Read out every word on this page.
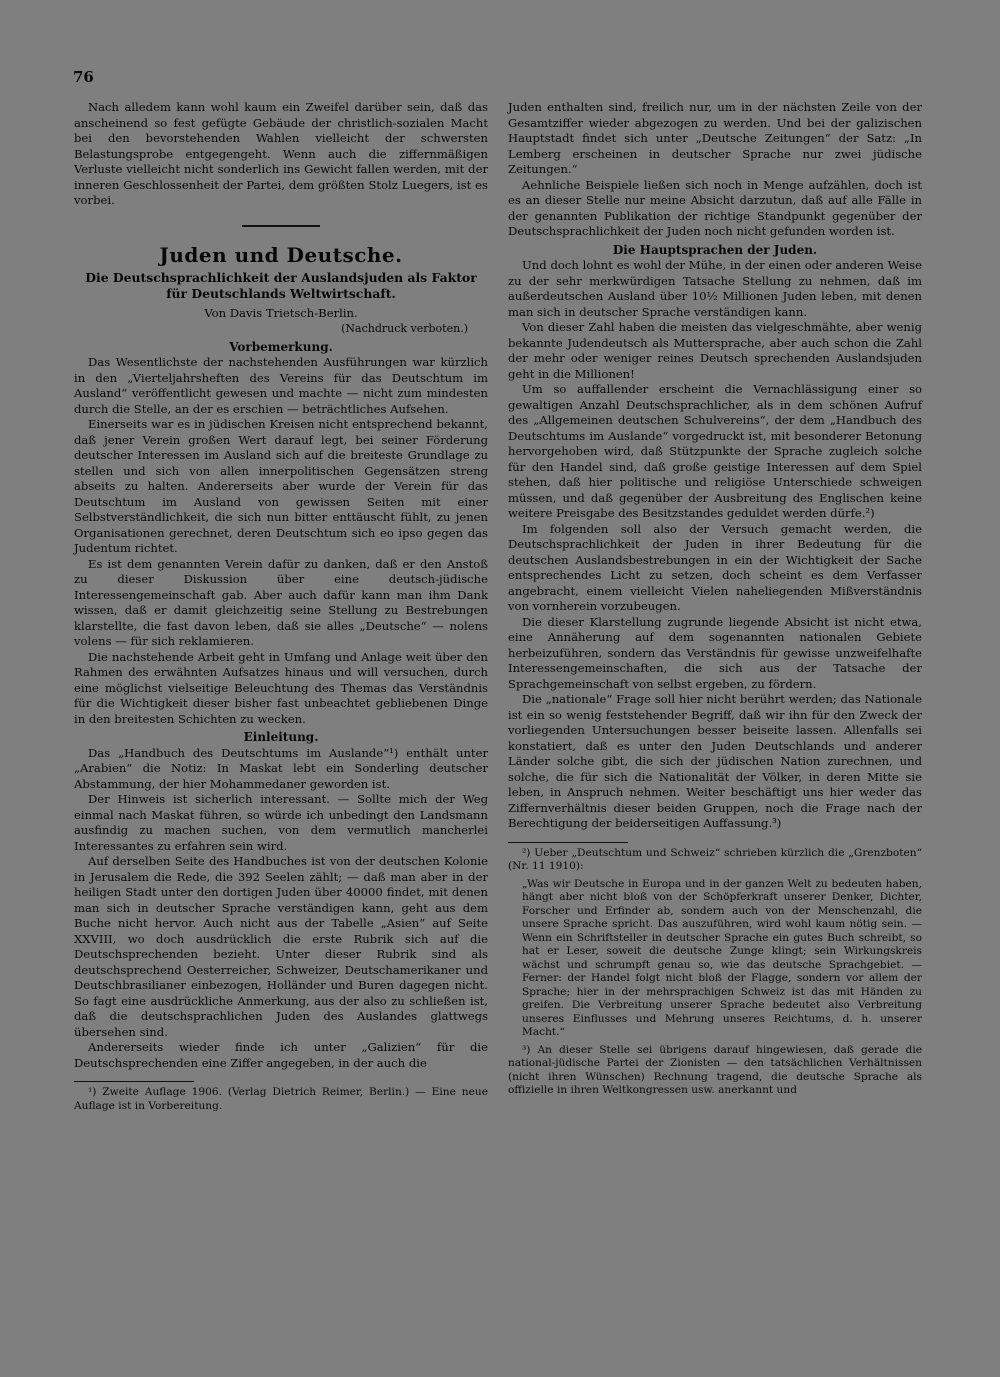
76

Nach alledem kann wohl kaum ein Zweifel darüber sein, daß das anscheinend so fest gefügte Gebäude der christlich-sozialen Macht bei den bevorstehenden Wahlen vielleicht der schwersten Belastungsprobe entgegengeht. Wenn auch die ziffernmäßigen Verluste vielleicht nicht sonderlich ins Gewicht fallen werden, mit der inneren Geschlossenheit der Partei, dem größten Stolz Luegers, ist es vorbei.

Juden und Deutsche.
Die Deutschsprachlichkeit der Auslandsjuden als Faktor für Deutschlands Weltwirtschaft.
Von Davis Trietsch-Berlin.
(Nachdruck verboten.)
Vorbemerkung.

Das Wesentlichste der nachstehenden Ausführungen war kürzlich in den „Vierteljahrsheften des Vereins für das Deutschtum im Ausland“ veröffentlicht gewesen und machte — nicht zum mindesten durch die Stelle, an der es erschien — beträchtliches Aufsehen.

Einerseits war es in jüdischen Kreisen nicht entsprechend bekannt, daß jener Verein großen Wert darauf legt, bei seiner Förderung deutscher Interessen im Ausland sich auf die breiteste Grundlage zu stellen und sich von allen innerpolitischen Gegensätzen streng abseits zu halten. Andererseits aber wurde der Verein für das Deutschtum im Ausland von gewissen Seiten mit einer Selbstverständlichkeit, die sich nun bitter enttäuscht fühlt, zu jenen Organisationen gerechnet, deren Deutschtum sich eo ipso gegen das Judentum richtet.

Es ist dem genannten Verein dafür zu danken, daß er den Anstoß zu dieser Diskussion über eine deutsch-jüdische Interessengemeinschaft gab. Aber auch dafür kann man ihm Dank wissen, daß er damit gleichzeitig seine Stellung zu Bestrebungen klarstellte, die fast davon leben, daß sie alles „Deutsche“ — nolens volens — für sich reklamieren.

Die nachstehende Arbeit geht in Umfang und Anlage weit über den Rahmen des erwähnten Aufsatzes hinaus und will versuchen, durch eine möglichst vielseitige Beleuchtung des Themas das Verständnis für die Wichtigkeit dieser bisher fast unbeachtet gebliebenen Dinge in den breitesten Schichten zu wecken.

Einleitung.

Das „Handbuch des Deutschtums im Auslande“¹) enthält unter „Arabien“ die Notiz: In Maskat lebt ein Sonderling deutscher Abstammung, der hier Mohammedaner geworden ist.

Der Hinweis ist sicherlich interessant. — Sollte mich der Weg einmal nach Maskat führen, so würde ich unbedingt den Landsmann ausfindig zu machen suchen, von dem vermutlich mancherlei Interessantes zu erfahren sein wird.

Auf derselben Seite des Handbuches ist von der deutschen Kolonie in Jerusalem die Rede, die 392 Seelen zählt; — daß man aber in der heiligen Stadt unter den dortigen Juden über 40000 findet, mit denen man sich in deutscher Sprache verständigen kann, geht aus dem Buche nicht hervor. Auch nicht aus der Tabelle „Asien“ auf Seite XXVIII, wo doch ausdrücklich die erste Rubrik sich auf die Deutschsprechenden bezieht. Unter dieser Rubrik sind als deutschsprechend Oesterreicher, Schweizer, Deutschamerikaner und Deutschbrasilianer einbezogen, Holländer und Buren dagegen nicht. So fagt eine ausdrückliche Anmerkung, aus der also zu schließen ist, daß die deutschsprachlichen Juden des Auslandes glattwegs übersehen sind.

Andererseits wieder finde ich unter „Galizien“ für die Deutschsprechenden eine Ziffer angegeben, in der auch die

¹) Zweite Auflage 1906. (Verlag Dietrich Reimer, Berlin.) — Eine neue Auflage ist in Vorbereitung.

Juden enthalten sind, freilich nur, um in der nächsten Zeile von der Gesamtziffer wieder abgezogen zu werden. Und bei der galizischen Hauptstadt findet sich unter „Deutsche Zeitungen“ der Satz: „In Lemberg erscheinen in deutscher Sprache nur zwei jüdische Zeitungen.“

Aehnliche Beispiele ließen sich noch in Menge aufzählen, doch ist es an dieser Stelle nur meine Absicht darzutun, daß auf alle Fälle in der genannten Publikation der richtige Standpunkt gegenüber der Deutschsprachlichkeit der Juden noch nicht gefunden worden ist.

Die Hauptsprachen der Juden.

Und doch lohnt es wohl der Mühe, in der einen oder anderen Weise zu der sehr merkwürdigen Tatsache Stellung zu nehmen, daß im außerdeutschen Ausland über 10½ Millionen Juden leben, mit denen man sich in deutscher Sprache verständigen kann.

Von dieser Zahl haben die meisten das vielgeschmähte, aber wenig bekannte Judendeutsch als Muttersprache, aber auch schon die Zahl der mehr oder weniger reines Deutsch sprechenden Auslandsjuden geht in die Millionen!

Um so auffallender erscheint die Vernachlässigung einer so gewaltigen Anzahl Deutschsprachlicher, als in dem schönen Aufruf des „Allgemeinen deutschen Schulvereins“, der dem „Handbuch des Deutschtums im Auslande“ vorgedruckt ist, mit besonderer Betonung hervorgehoben wird, daß Stützpunkte der Sprache zugleich solche für den Handel sind, daß große geistige Interessen auf dem Spiel stehen, daß hier politische und religiöse Unterschiede schweigen müssen, und daß gegenüber der Ausbreitung des Englischen keine weitere Preisgabe des Besitzstandes geduldet werden dürfe.²)

Im folgenden soll also der Versuch gemacht werden, die Deutschsprachlichkeit der Juden in ihrer Bedeutung für die deutschen Auslandsbestrebungen in ein der Wichtigkeit der Sache entsprechendes Licht zu setzen, doch scheint es dem Verfasser angebracht, einem vielleicht Vielen naheliegenden Mißverständnis von vornherein vorzubeugen.

Die dieser Klarstellung zugrunde liegende Absicht ist nicht etwa, eine Annäherung auf dem sogenannten nationalen Gebiete herbeizuführen, sondern das Verständnis für gewisse unzweifelhafte Interessengemeinschaften, die sich aus der Tatsache der Sprachgemeinschaft von selbst ergeben, zu fördern.

Die „nationale“ Frage soll hier nicht berührt werden; das Nationale ist ein so wenig feststehender Begriff, daß wir ihn für den Zweck der vorliegenden Untersuchungen besser beiseite lassen. Allenfalls sei konstatiert, daß es unter den Juden Deutschlands und anderer Länder solche gibt, die sich der jüdischen Nation zurechnen, und solche, die für sich die Nationalität der Völker, in deren Mitte sie leben, in Anspruch nehmen. Weiter beschäftigt uns hier weder das Ziffernverhältnis dieser beiden Gruppen, noch die Frage nach der Berechtigung der beiderseitigen Auffassung.³)

²) Ueber „Deutschtum und Schweiz“ schrieben kürzlich die „Grenzboten“ (Nr. 11 1910):
„Was wir Deutsche in Europa und in der ganzen Welt zu bedeuten haben, hängt aber nicht bloß von der Schöpferkraft unserer Denker, Dichter, Forscher und Erfinder ab, sondern auch von der Menschenzahl, die unsere Sprache spricht. Das auszuführen, wird wohl kaum nötig sein. — Wenn ein Schriftsteller in deutscher Sprache ein gutes Buch schreibt, so hat er Leser, soweit die deutsche Zunge klingt; sein Wirkungskreis wächst und schrumpft genau so, wie das deutsche Sprachgebiet. — Ferner: der Handel folgt nicht bloß der Flagge, sondern vor allem der Sprache; hier in der mehrsprachigen Schweiz ist das mit Händen zu greifen. Die Verbreitung unserer Sprache bedeutet also Verbreitung unseres Einflusses und Mehrung unseres Reichtums, d. h. unserer Macht.“
³) An dieser Stelle sei übrigens darauf hingewiesen, daß gerade die national-jüdische Partei der Zionisten — den tatsächlichen Verhältnissen (nicht ihren Wünschen) Rechnung tragend, die deutsche Sprache als offizielle in ihren Weltkongressen usw. anerkannt und
